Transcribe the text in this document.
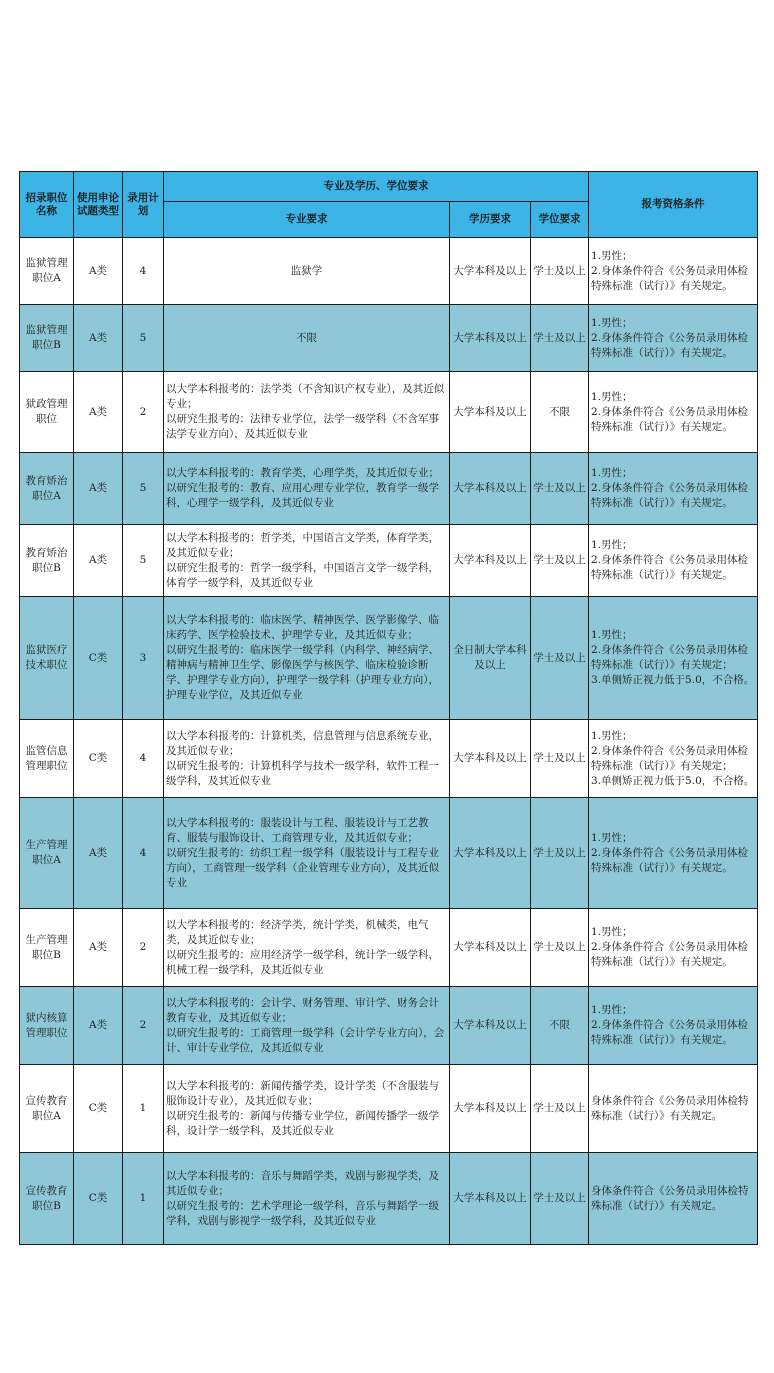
招录职位名称	使用申论试题类型	录用计划	专业及学历、学位要求			报考资格条件
			专业要求	学历要求	学位要求	

监狱管理职位A	A类	4	监狱学	大学本科及以上	学士及以上	1.男性；
2.身体条件符合《公务员录用体检特殊标准（试行）》有关规定。

监狱管理职位B	A类	5	不限	大学本科及以上	学士及以上	1.男性；
2.身体条件符合《公务员录用体检特殊标准（试行）》有关规定。

狱政管理职位	A类	2	以大学本科报考的：法学类（不含知识产权专业），及其近似专业；
以研究生报考的：法律专业学位，法学一级学科（不含军事法学专业方向），及其近似专业	大学本科及以上	不限	1.男性；
2.身体条件符合《公务员录用体检特殊标准（试行）》有关规定。

教育矫治职位A	A类	5	以大学本科报考的：教育学类，心理学类，及其近似专业；
以研究生报考的：教育、应用心理专业学位，教育学一级学科，心理学一级学科，及其近似专业	大学本科及以上	学士及以上	1.男性；
2.身体条件符合《公务员录用体检特殊标准（试行）》有关规定。

教育矫治职位B	A类	5	以大学本科报考的：哲学类，中国语言文学类，体育学类，及其近似专业；
以研究生报考的：哲学一级学科，中国语言文学一级学科，体育学一级学科，及其近似专业	大学本科及以上	学士及以上	1.男性；
2.身体条件符合《公务员录用体检特殊标准（试行）》有关规定。

监狱医疗技术职位	C类	3	以大学本科报考的：临床医学、精神医学、医学影像学、临床药学、医学检验技术、护理学专业，及其近似专业；
以研究生报考的：临床医学一级学科（内科学、神经病学、精神病与精神卫生学、影像医学与核医学、临床检验诊断学、护理学专业方向），护理学一级学科（护理专业方向），护理专业学位，及其近似专业	全日制大学本科及以上	学士及以上	1.男性；
2.身体条件符合《公务员录用体检特殊标准（试行）》有关规定；
3.单侧矫正视力低于5.0，不合格。

监管信息管理职位	C类	4	以大学本科报考的：计算机类，信息管理与信息系统专业，及其近似专业；
以研究生报考的：计算机科学与技术一级学科，软件工程一级学科，及其近似专业	大学本科及以上	学士及以上	1.男性；
2.身体条件符合《公务员录用体检特殊标准（试行）》有关规定；
3.单侧矫正视力低于5.0，不合格。

生产管理职位A	A类	4	以大学本科报考的：服装设计与工程、服装设计与工艺教育、服装与服饰设计、工商管理专业，及其近似专业；
以研究生报考的：纺织工程一级学科（服装设计与工程专业方向），工商管理一级学科（企业管理专业方向），及其近似专业	大学本科及以上	学士及以上	1.男性；
2.身体条件符合《公务员录用体检特殊标准（试行）》有关规定。

生产管理职位B	A类	2	以大学本科报考的：经济学类，统计学类，机械类，电气类，及其近似专业；
以研究生报考的：应用经济学一级学科，统计学一级学科，机械工程一级学科，及其近似专业	大学本科及以上	学士及以上	1.男性；
2.身体条件符合《公务员录用体检特殊标准（试行）》有关规定。

狱内核算管理职位	A类	2	以大学本科报考的：会计学、财务管理、审计学、财务会计教育专业，及其近似专业；
以研究生报考的：工商管理一级学科（会计学专业方向），会计、审计专业学位，及其近似专业	大学本科及以上	不限	1.男性；
2.身体条件符合《公务员录用体检特殊标准（试行）》有关规定。

宣传教育职位A	C类	1	以大学本科报考的：新闻传播学类，设计学类（不含服装与服饰设计专业），及其近似专业；
以研究生报考的：新闻与传播专业学位，新闻传播学一级学科，设计学一级学科，及其近似专业	大学本科及以上	学士及以上	身体条件符合《公务员录用体检特殊标准（试行）》有关规定。

宣传教育职位B	C类	1	以大学本科报考的：音乐与舞蹈学类，戏剧与影视学类，及其近似专业；
以研究生报考的：艺术学理论一级学科，音乐与舞蹈学一级学科，戏剧与影视学一级学科，及其近似专业	大学本科及以上	学士及以上	身体条件符合《公务员录用体检特殊标准（试行）》有关规定。
